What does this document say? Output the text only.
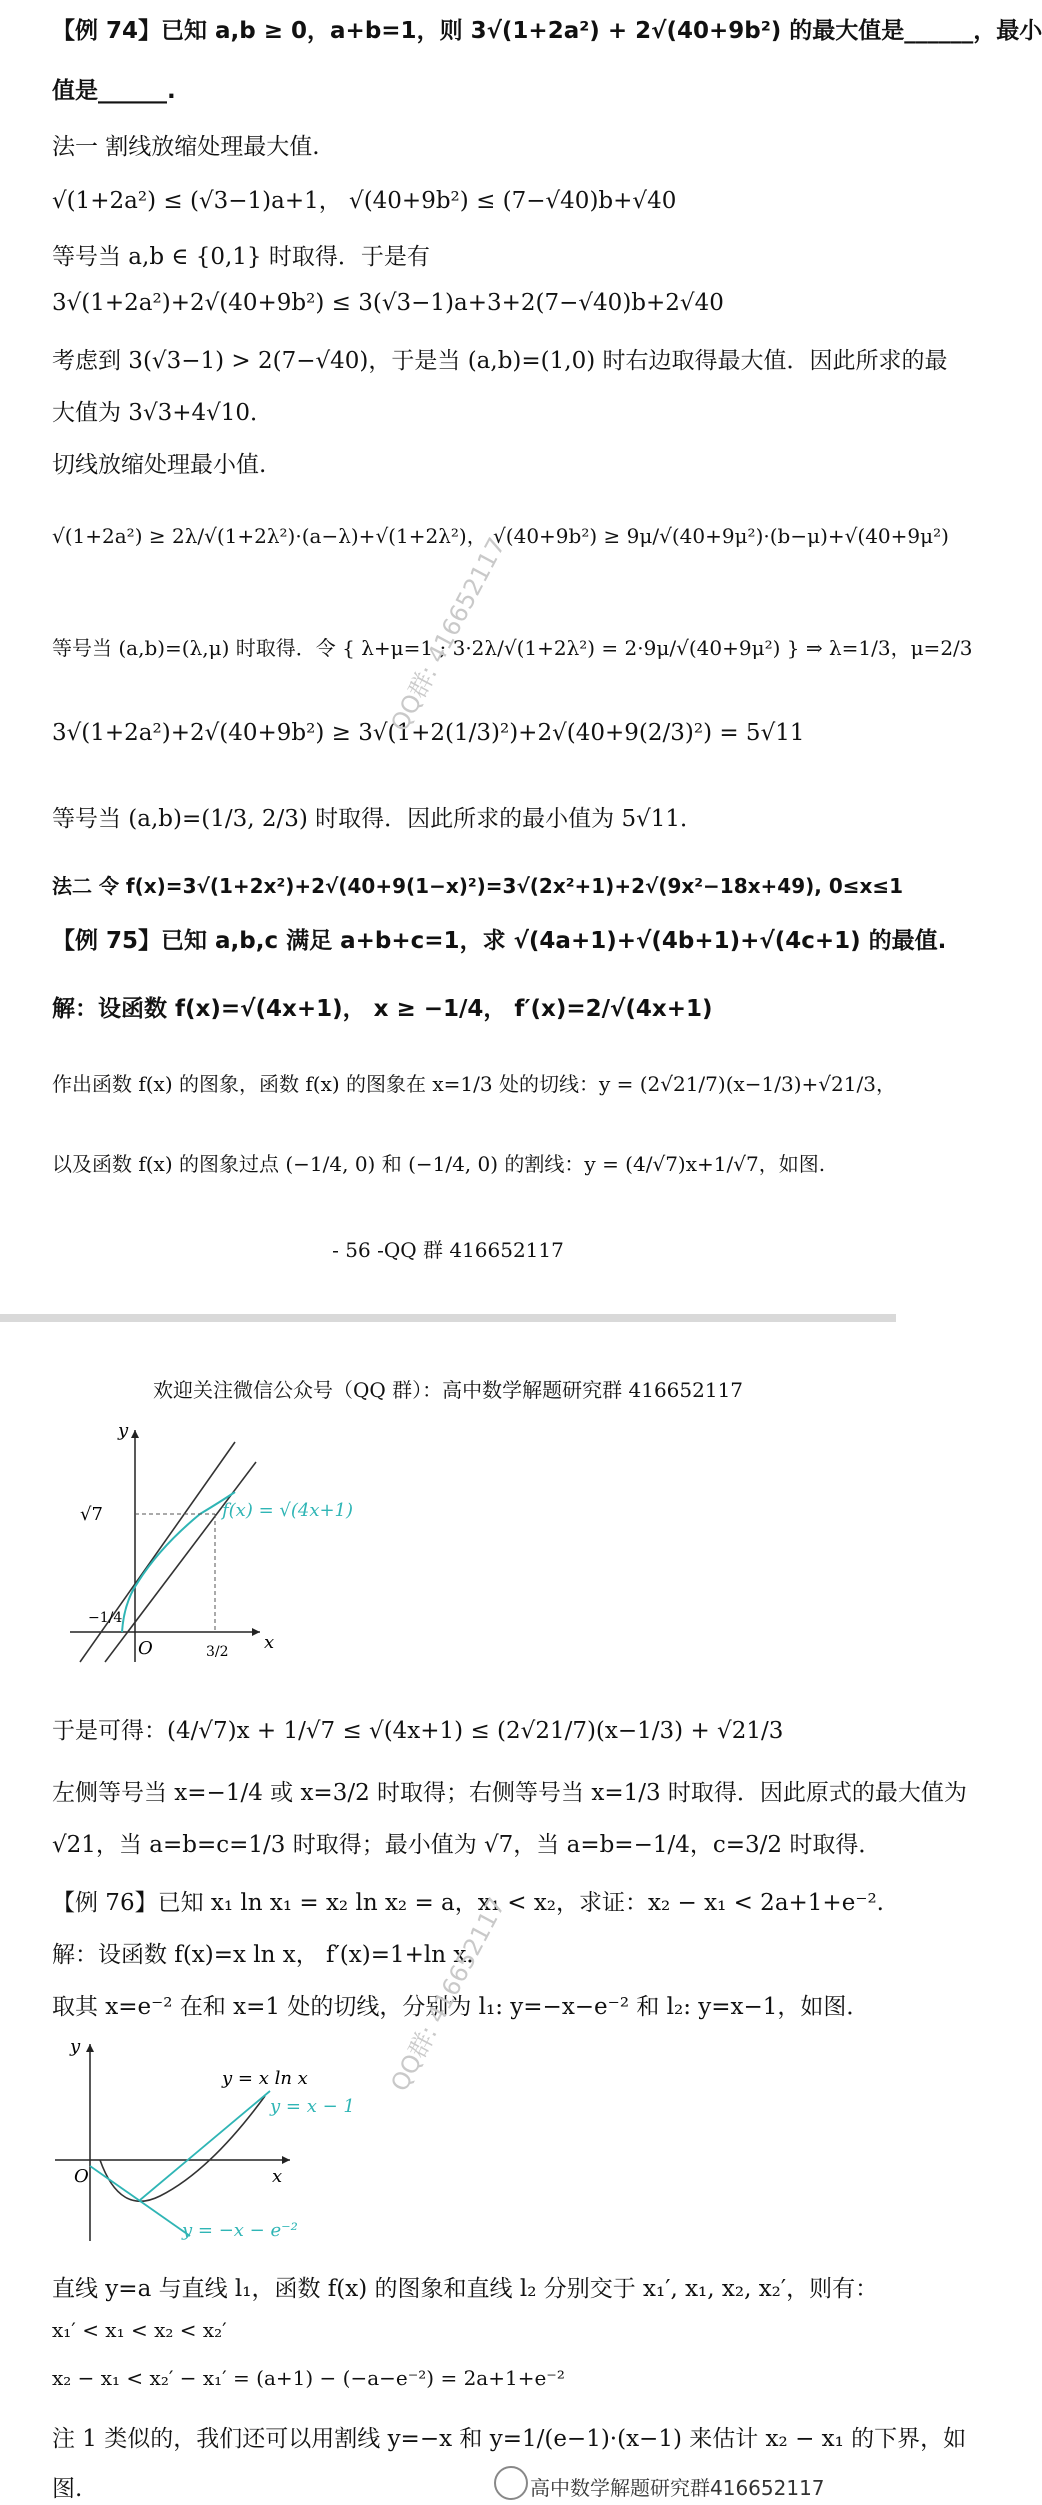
【例 74】已知 a,b ≥ 0，a+b=1，则 3√(1+2a²) + 2√(40+9b²) 的最大值是______，最小
值是______.
法一 割线放缩处理最大值.
√(1+2a²) ≤ (√3−1)a+1， √(40+9b²) ≤ (7−√40)b+√40
等号当 a,b ∈ {0,1} 时取得．于是有
3√(1+2a²)+2√(40+9b²) ≤ 3(√3−1)a+3+2(7−√40)b+2√40
考虑到 3(√3−1) > 2(7−√40)，于是当 (a,b)=(1,0) 时右边取得最大值．因此所求的最
大值为 3√3+4√10．
切线放缩处理最小值.
√(1+2a²) ≥ 2λ/√(1+2λ²)·(a−λ)+√(1+2λ²)， √(40+9b²) ≥ 9μ/√(40+9μ²)·(b−μ)+√(40+9μ²)
等号当 (a,b)=(λ,μ) 时取得．令 { λ+μ=1 ; 3·2λ/√(1+2λ²) = 2·9μ/√(40+9μ²) } ⇒ λ=1/3，μ=2/3
3√(1+2a²)+2√(40+9b²) ≥ 3√(1+2(1/3)²)+2√(40+9(2/3)²) = 5√11
等号当 (a,b)=(1/3, 2/3) 时取得．因此所求的最小值为 5√11．
法二 令 f(x)=3√(1+2x²)+2√(40+9(1−x)²)=3√(2x²+1)+2√(9x²−18x+49), 0≤x≤1
【例 75】已知 a,b,c 满足 a+b+c=1，求 √(4a+1)+√(4b+1)+√(4c+1) 的最值.
解：设函数 f(x)=√(4x+1)， x ≥ −1/4， f′(x)=2/√(4x+1)
作出函数 f(x) 的图象，函数 f(x) 的图象在 x=1/3 处的切线：y = (2√21/7)(x−1/3)+√21/3，
以及函数 f(x) 的图象过点 (−1/4, 0) 和 (−1/4, 0) 的割线：y = (4/√7)x+1/√7，如图.
- 56 -QQ 群 416652117
QQ群: 416652117
欢迎关注微信公众号（QQ 群）：高中数学解题研究群 416652117
y
x
O
√7
−1/4
3/2
f(x) = √(4x+1)
于是可得：(4/√7)x + 1/√7 ≤ √(4x+1) ≤ (2√21/7)(x−1/3) + √21/3
左侧等号当 x=−1/4 或 x=3/2 时取得；右侧等号当 x=1/3 时取得．因此原式的最大值为
√21，当 a=b=c=1/3 时取得；最小值为 √7，当 a=b=−1/4，c=3/2 时取得．
【例 76】已知 x₁ ln x₁ = x₂ ln x₂ = a，x₁ < x₂，求证：x₂ − x₁ < 2a+1+e⁻².
解：设函数 f(x)=x ln x， f′(x)=1+ln x．
取其 x=e⁻² 在和 x=1 处的切线，分别为 l₁: y=−x−e⁻² 和 l₂: y=x−1，如图．
y
x
O
y = x ln x
y = x − 1
y = −x − e⁻²
QQ群: 416652117
直线 y=a 与直线 l₁，函数 f(x) 的图象和直线 l₂ 分别交于 x₁′, x₁, x₂, x₂′，则有：
x₁′ < x₁ < x₂ < x₂′
x₂ − x₁ < x₂′ − x₁′ = (a+1) − (−a−e⁻²) = 2a+1+e⁻²
注 1 类似的，我们还可以用割线 y=−x 和 y=1/(e−1)·(x−1) 来估计 x₂ − x₁ 的下界，如
图.	高中数学解题研究群416652117
